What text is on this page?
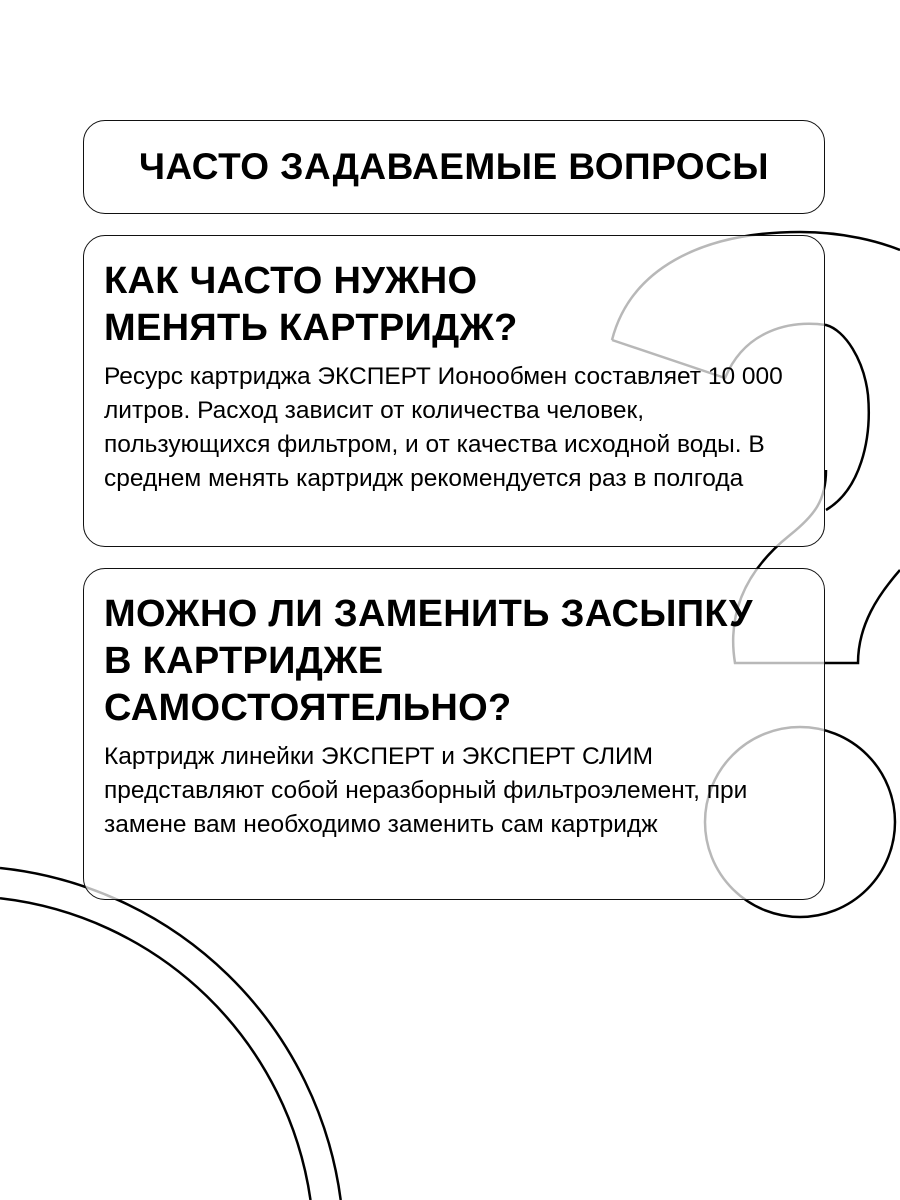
ЧАСТО ЗАДАВАЕМЫЕ ВОПРОСЫ
КАК ЧАСТО НУЖНО
МЕНЯТЬ КАРТРИДЖ?

Ресурс картриджа ЭКСПЕРТ Ионообмен составляет 10 000 литров. Расход зависит от количества человек, пользующихся фильтром, и от качества исходной воды. В среднем менять картридж рекомендуется раз в полгода

МОЖНО ЛИ ЗАМЕНИТЬ ЗАСЫПКУ
В КАРТРИДЖЕ
САМОСТОЯТЕЛЬНО?

Картридж линейки ЭКСПЕРТ и ЭКСПЕРТ СЛИМ представляют собой неразборный фильтроэлемент, при замене вам необходимо заменить сам картридж
